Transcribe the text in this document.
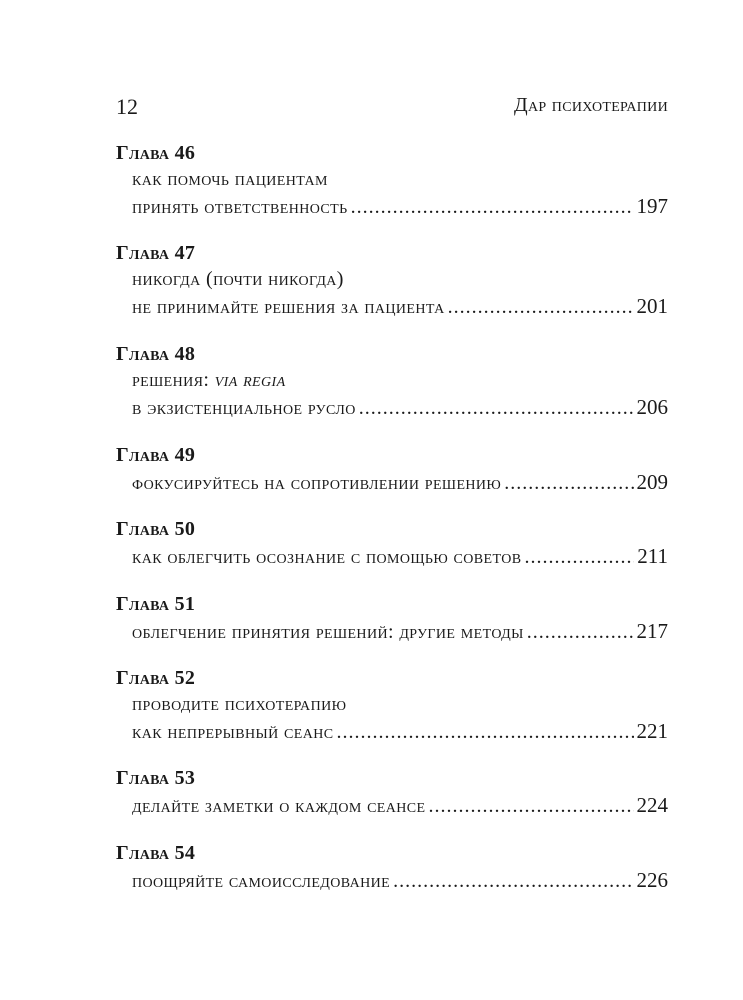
12	Дар психотерапии
Глава 46
как помочь пациентам
принять ответственность .....	197
Глава 47
никогда (почти никогда)
не принимайте решения за пациента .....	201
Глава 48
решения: via regia
в экзистенциальное русло .....	206
Глава 49
фокусируйтесь на сопротивлении решению .....	209
Глава 50
как облегчить осознание с помощью советов .....	211
Глава 51
облегчение принятия решений: другие методы .....	217
Глава 52
проводите психотерапию
как непрерывный сеанс .....	221
Глава 53
делайте заметки о каждом сеансе .....	224
Глава 54
поощряйте самоисследование .....	226
